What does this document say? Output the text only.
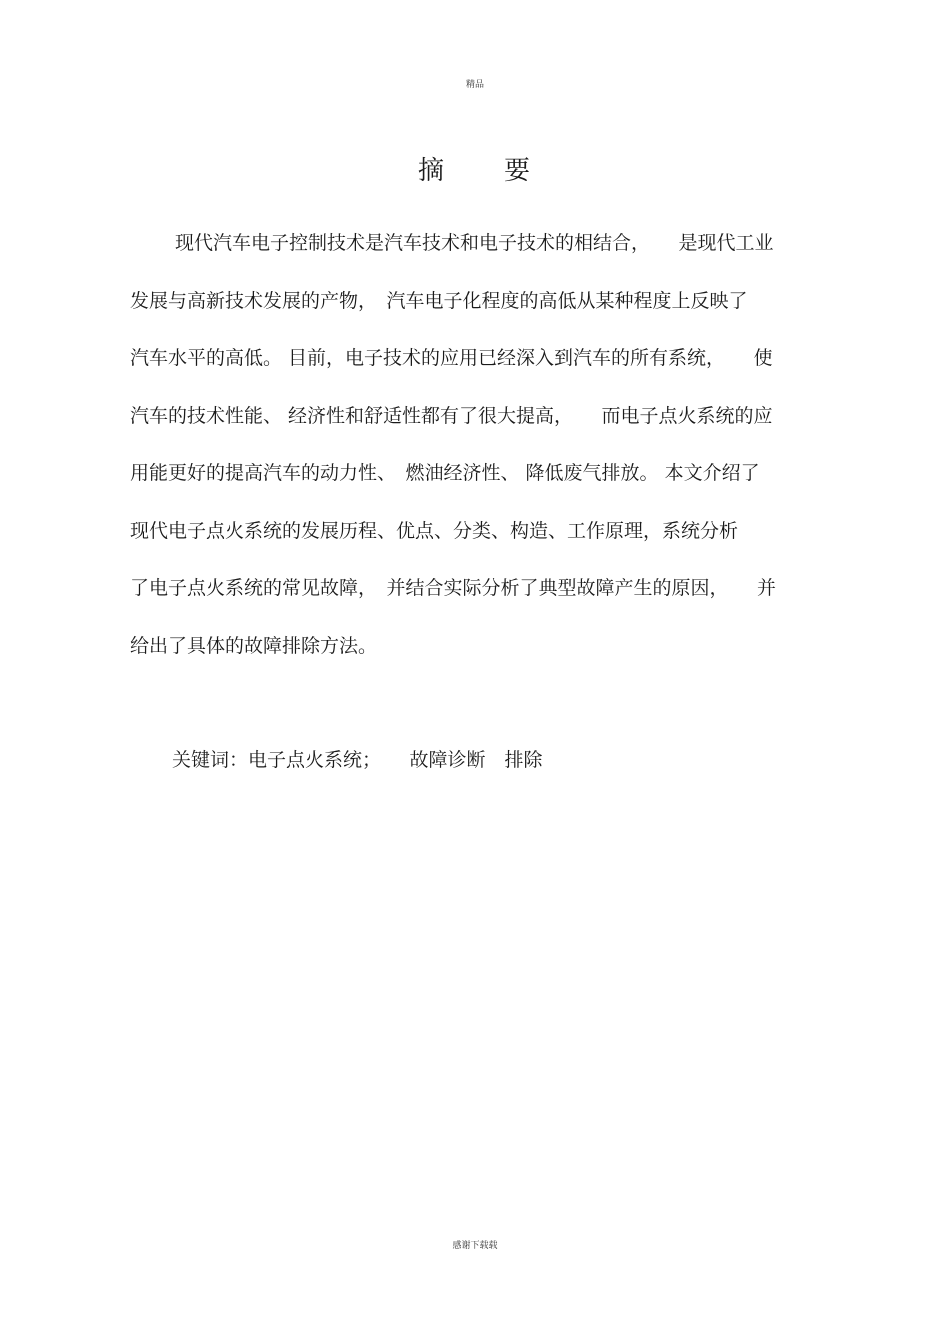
精品
摘 要
现代汽车电子控制技术是汽车技术和电子技术的相结合，　　是现代工业
发展与高新技术发展的产物，　汽车电子化程度的高低从某种程度上反映了
汽车水平的高低。 目前，电子技术的应用已经深入到汽车的所有系统，　　使
汽车的技术性能、 经济性和舒适性都有了很大提高，　　而电子点火系统的应
用能更好的提高汽车的动力性、　燃油经济性、 降低废气排放。 本文介绍了
现代电子点火系统的发展历程、优点、分类、构造、工作原理，系统分析
了电子点火系统的常见故障，　并结合实际分析了典型故障产生的原因，　　并
给出了具体的故障排除方法。
关键词：电子点火系统；　　故障诊断　排除
感谢下载载
